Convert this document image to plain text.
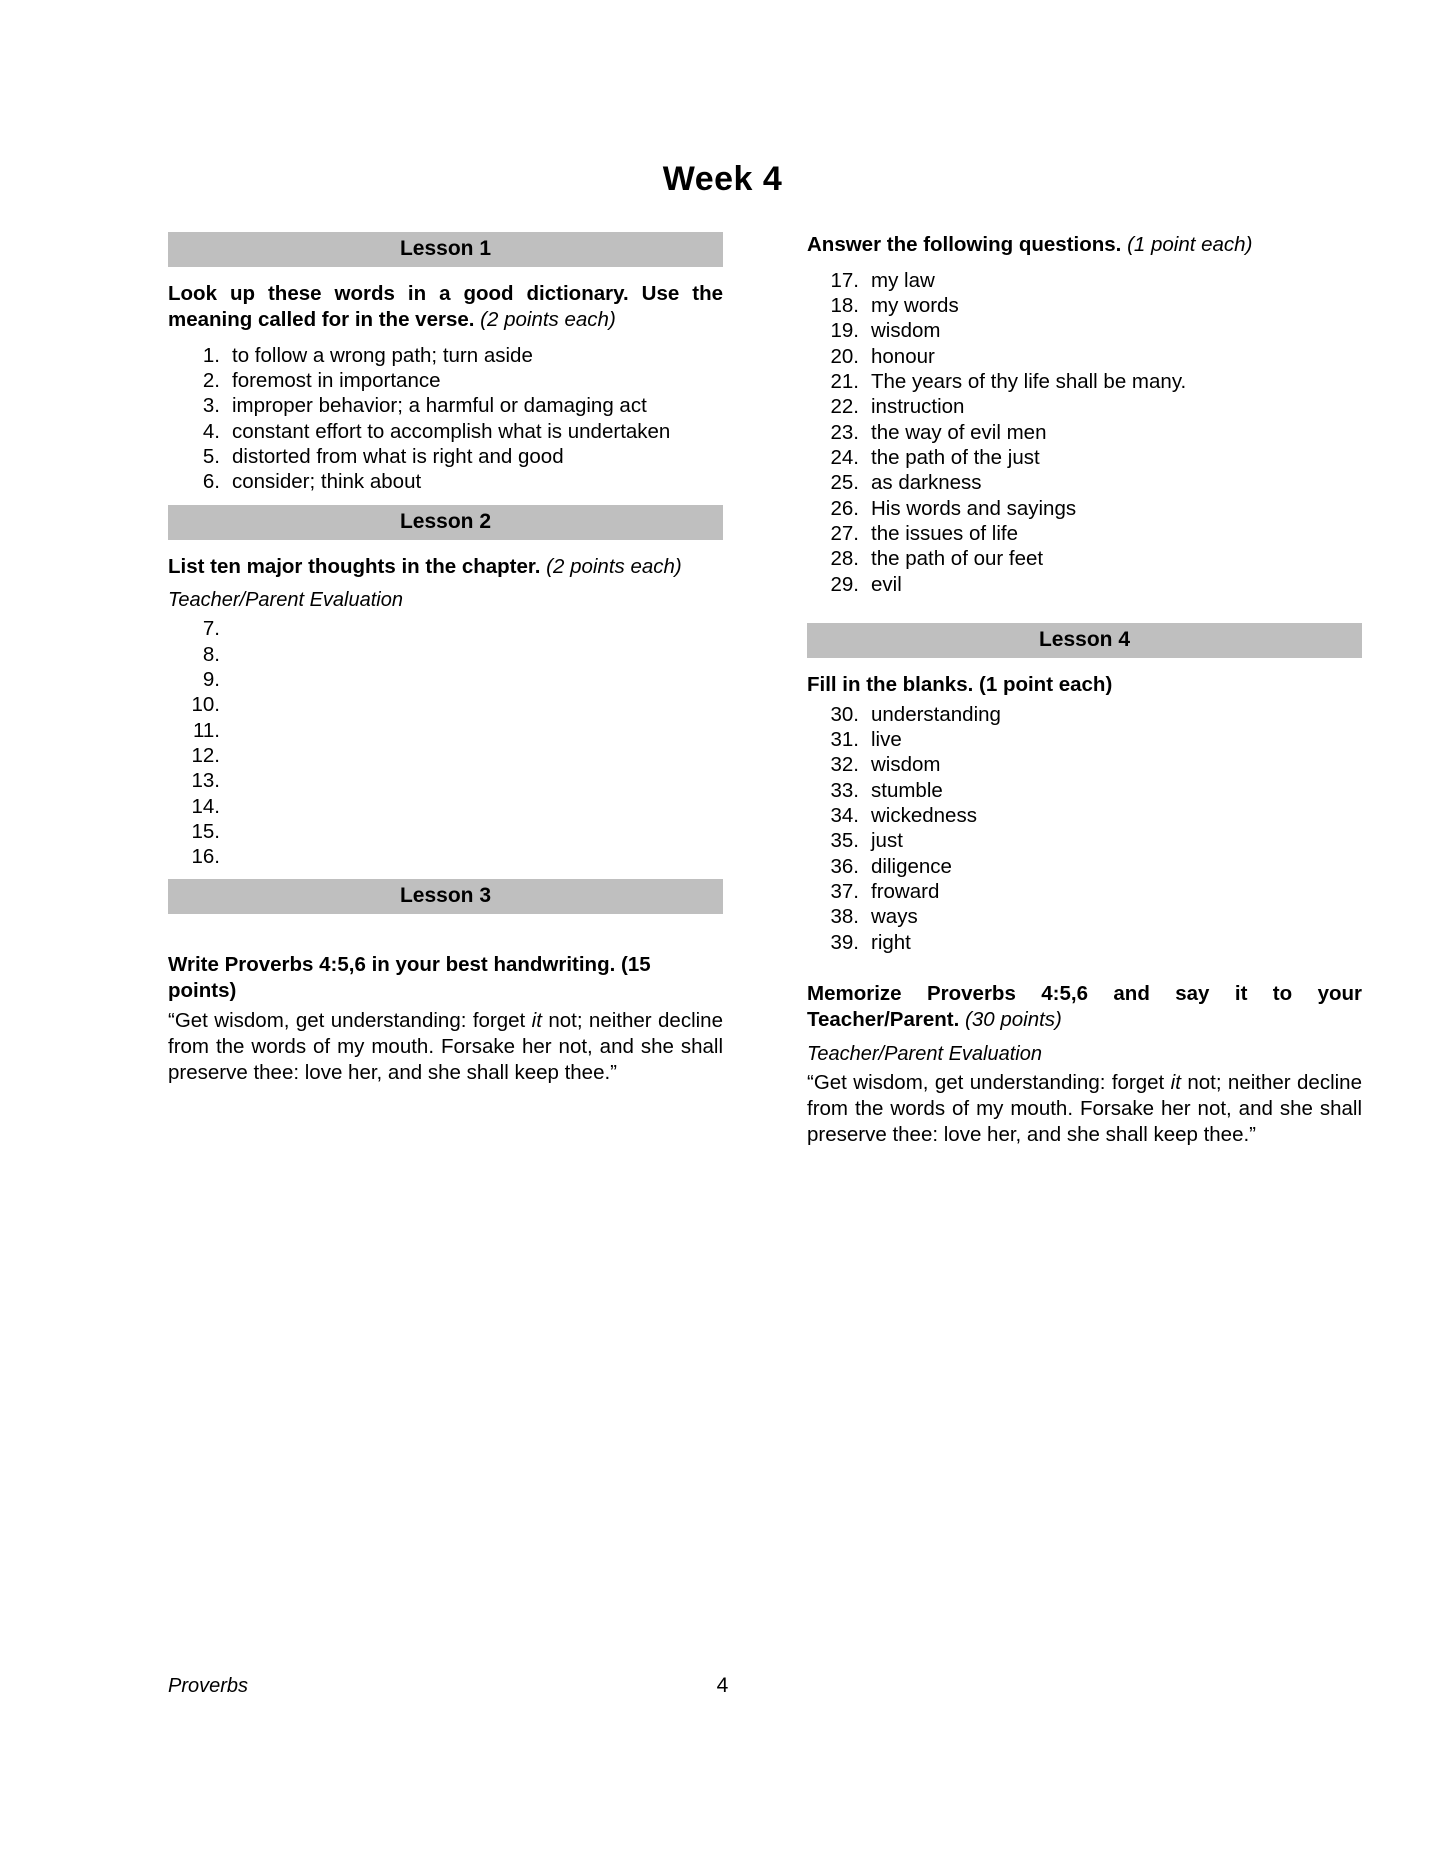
Week 4
Lesson 1

Look up these words in a good dictionary. Use the meaning called for in the verse. (2 points each)

1. to follow a wrong path; turn aside
2. foremost in importance
3. improper behavior; a harmful or damaging act
4. constant effort to accomplish what is undertaken
5. distorted from what is right and good
6. consider; think about
Lesson 2

List ten major thoughts in the chapter. (2 points each)

Teacher/Parent Evaluation
7.
8.
9.
10.
11.
12.
13.
14.
15.
16.
Lesson 3

Write Proverbs 4:5,6 in your best handwriting. (15 points)

“Get wisdom, get understanding: forget it not; neither decline from the words of my mouth. Forsake her not, and she shall preserve thee: love her, and she shall keep thee.”

Answer the following questions. (1 point each)

17. my law
18. my words
19. wisdom
20. honour
21. The years of thy life shall be many.
22. instruction
23. the way of evil men
24. the path of the just
25. as darkness
26. His words and sayings
27. the issues of life
28. the path of our feet
29. evil
Lesson 4

Fill in the blanks. (1 point each)

30. understanding
31. live
32. wisdom
33. stumble
34. wickedness
35. just
36. diligence
37. froward
38. ways
39. right

Memorize Proverbs 4:5,6 and say it to your Teacher/Parent. (30 points)

Teacher/Parent Evaluation

“Get wisdom, get understanding: forget it not; neither decline from the words of my mouth. Forsake her not, and she shall preserve thee: love her, and she shall keep thee.”

Proverbs	4
